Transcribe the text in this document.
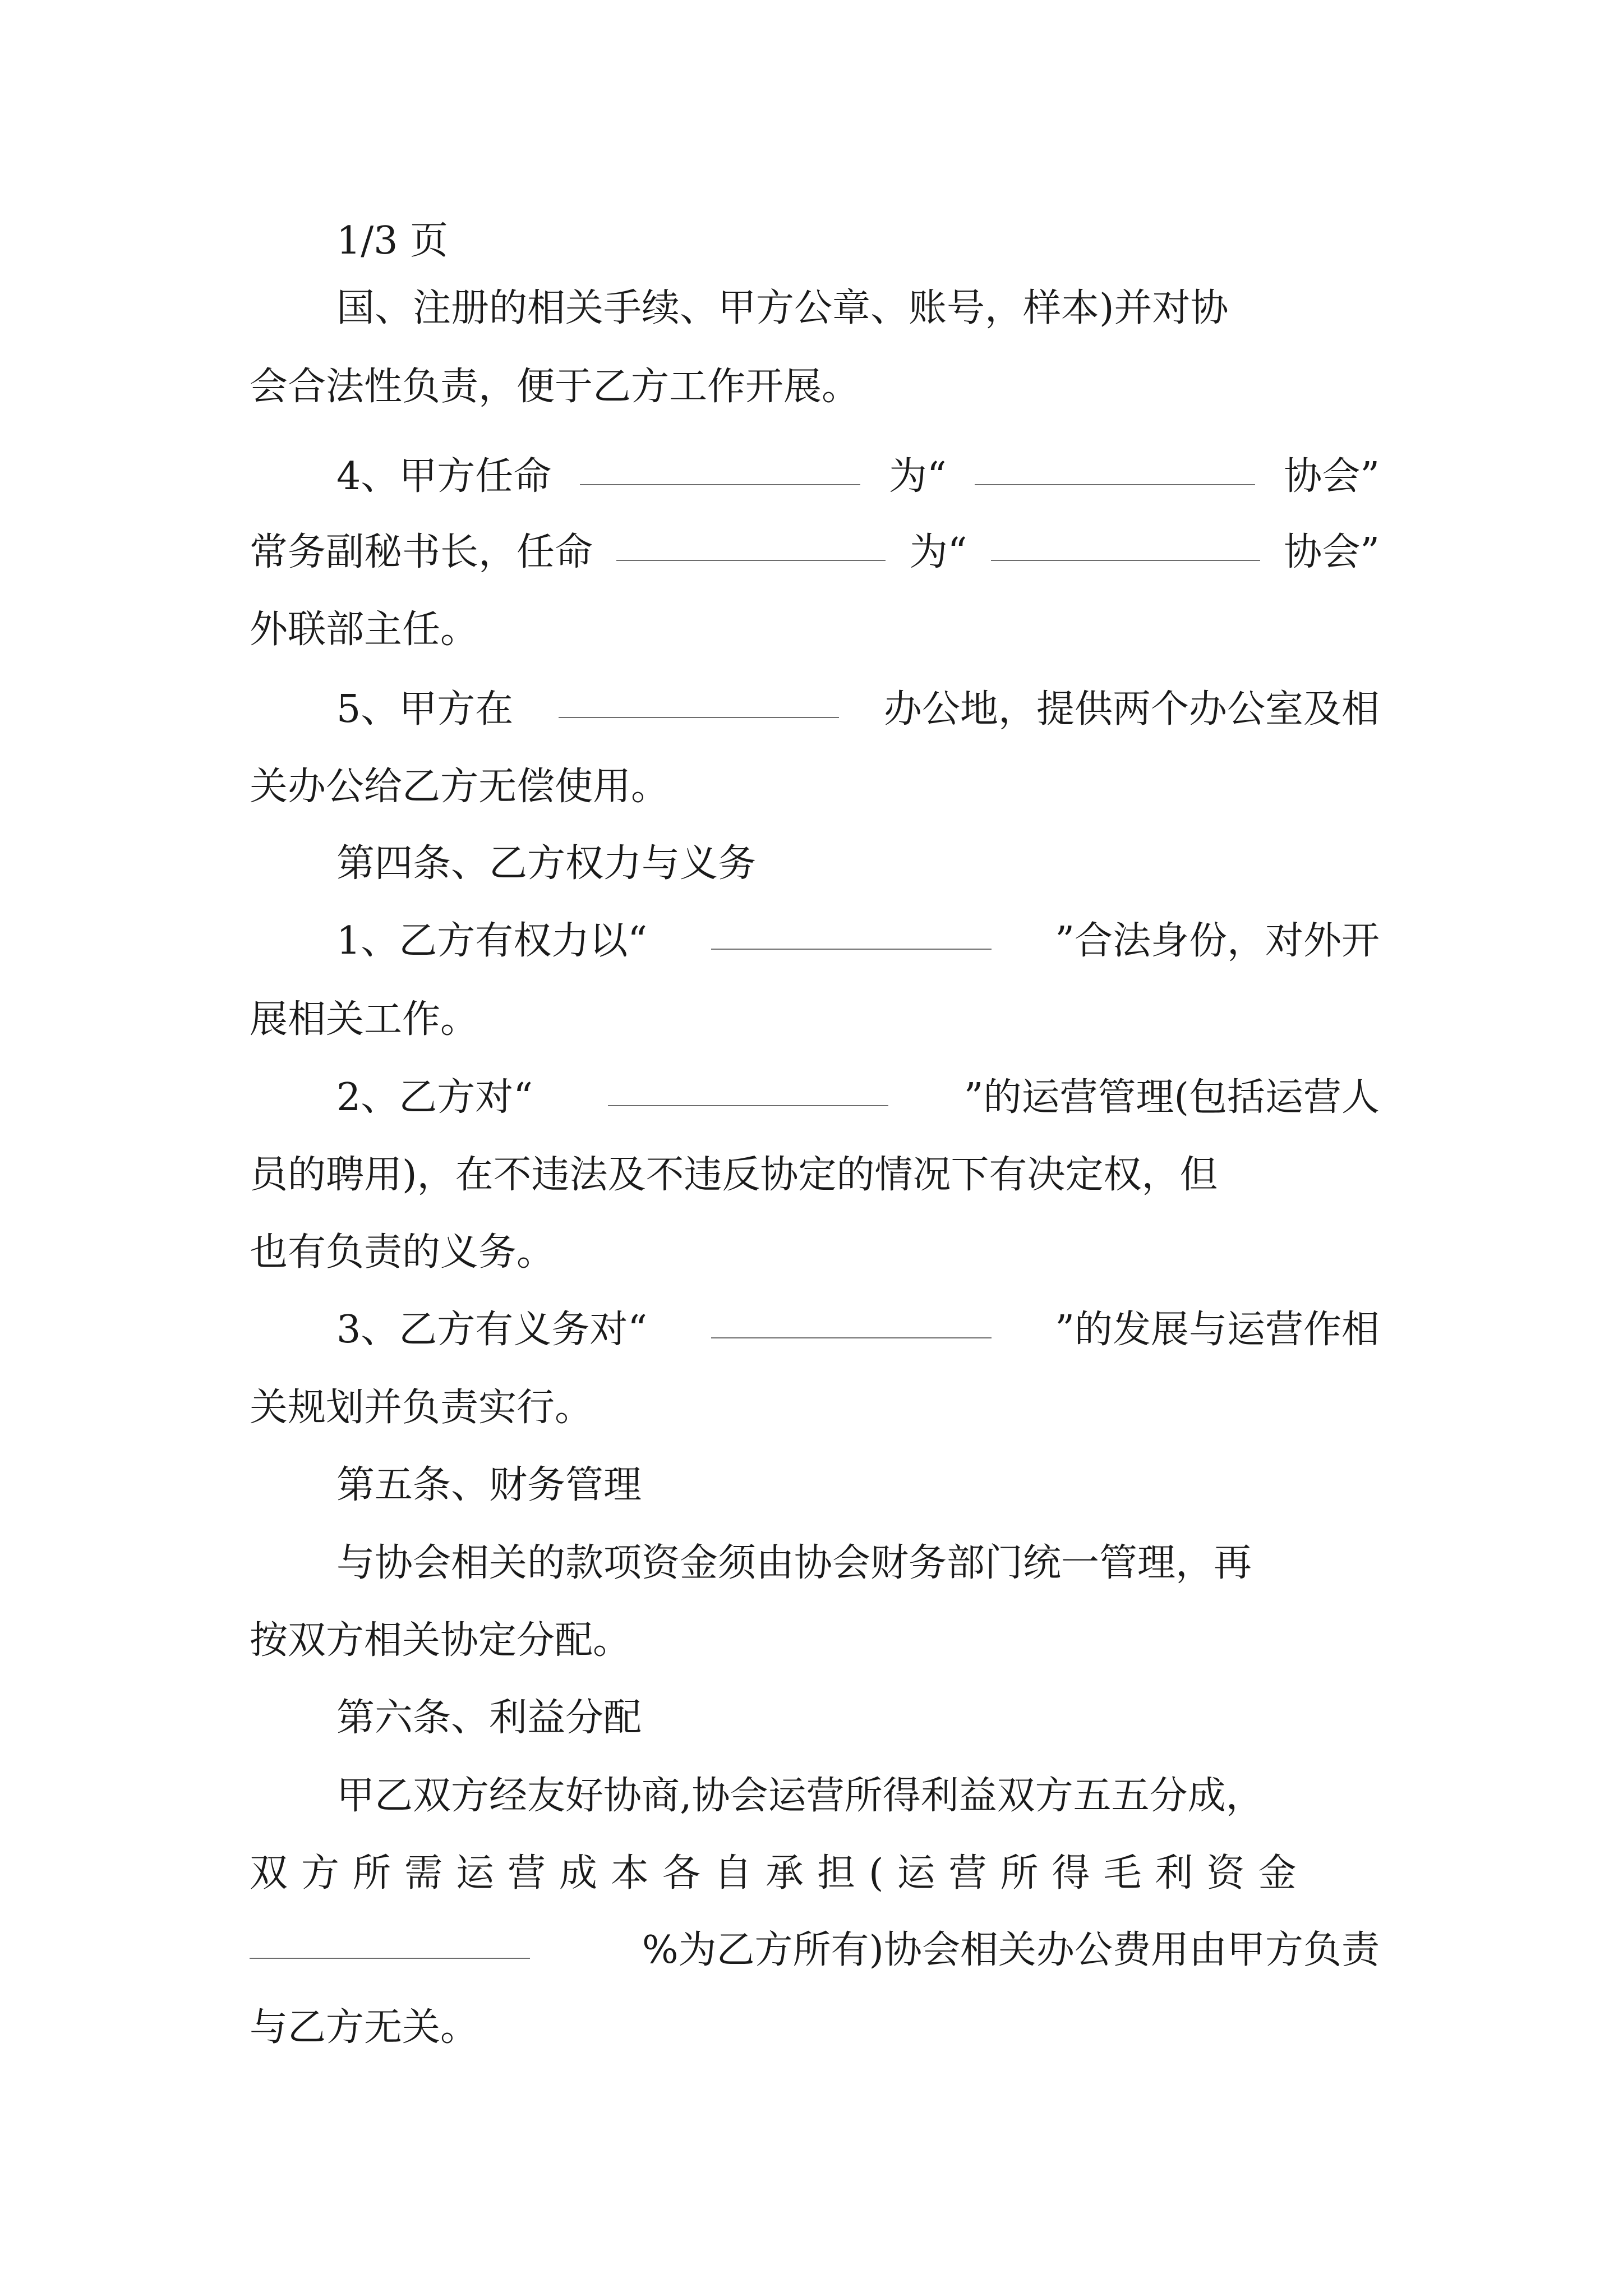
1/3 页
国、注册的相关手续、甲方公章、账号，样本)并对协
会合法性负责，便于乙方工作开展。
4、甲方任命	为“	协会”
常务副秘书长，任命	为“	协会”
外联部主任。
5、甲方在	办公地，提供两个办公室及相
关办公给乙方无偿使用。
第四条、乙方权力与义务
1、乙方有权力以“	”合法身份，对外开
展相关工作。
2、乙方对“	”的运营管理(包括运营人
员的聘用)，在不违法及不违反协定的情况下有决定权，但
也有负责的义务。
3、乙方有义务对“	”的发展与运营作相
关规划并负责实行。
第五条、财务管理
与协会相关的款项资金须由协会财务部门统一管理，再
按双方相关协定分配。
第六条、利益分配
甲乙双方经友好协商,协会运营所得利益双方五五分成，
双方所需运营成本各自承担(运营所得毛利资金
%为乙方所有)协会相关办公费用由甲方负责
与乙方无关。
